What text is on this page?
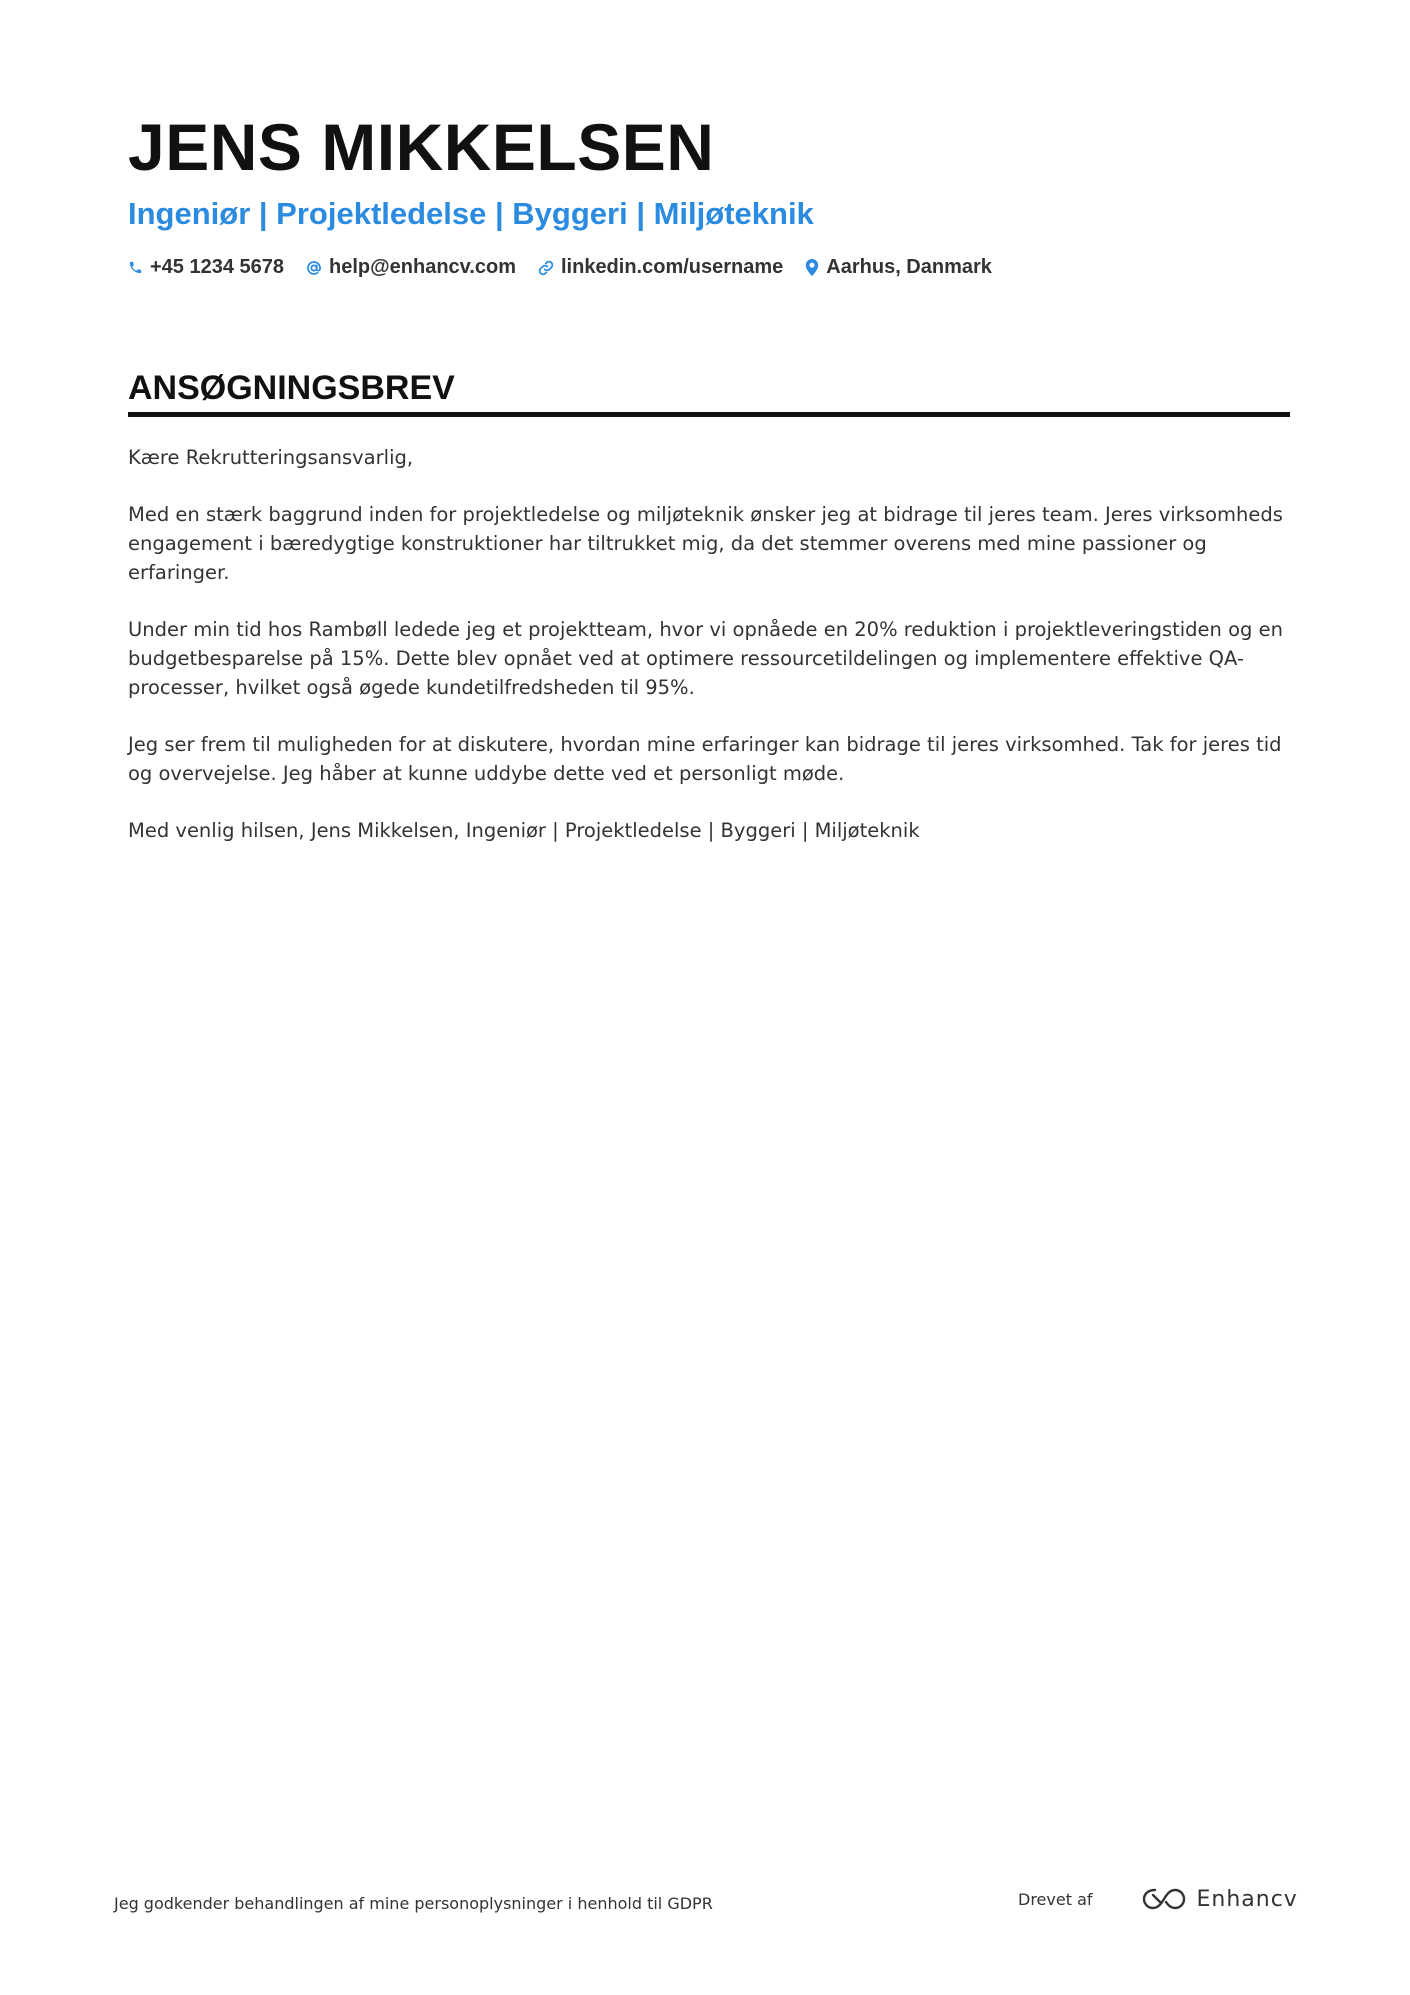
JENS MIKKELSEN
Ingeniør | Projektledelse | Byggeri | Miljøteknik
+45 1234 5678 help@enhancv.com linkedin.com/username Aarhus, Danmark
ANSØGNINGSBREV

Kære Rekrutteringsansvarlig,

Med en stærk baggrund inden for projektledelse og miljøteknik ønsker jeg at bidrage til jeres team. Jeres virksomheds engagement i bæredygtige konstruktioner har tiltrukket mig, da det stemmer overens med mine passioner og erfaringer.

Under min tid hos Rambøll ledede jeg et projektteam, hvor vi opnåede en 20% reduktion i projektleveringstiden og en budgetbesparelse på 15%. Dette blev opnået ved at optimere ressourcetildelingen og implementere effektive QA-processer, hvilket også øgede kundetilfredsheden til 95%.

Jeg ser frem til muligheden for at diskutere, hvordan mine erfaringer kan bidrage til jeres virksomhed. Tak for jeres tid og overvejelse. Jeg håber at kunne uddybe dette ved et personligt møde.

Med venlig hilsen, Jens Mikkelsen, Ingeniør | Projektledelse | Byggeri | Miljøteknik

Jeg godkender behandlingen af mine personoplysninger i henhold til GDPR	Drevet af	Enhancv
